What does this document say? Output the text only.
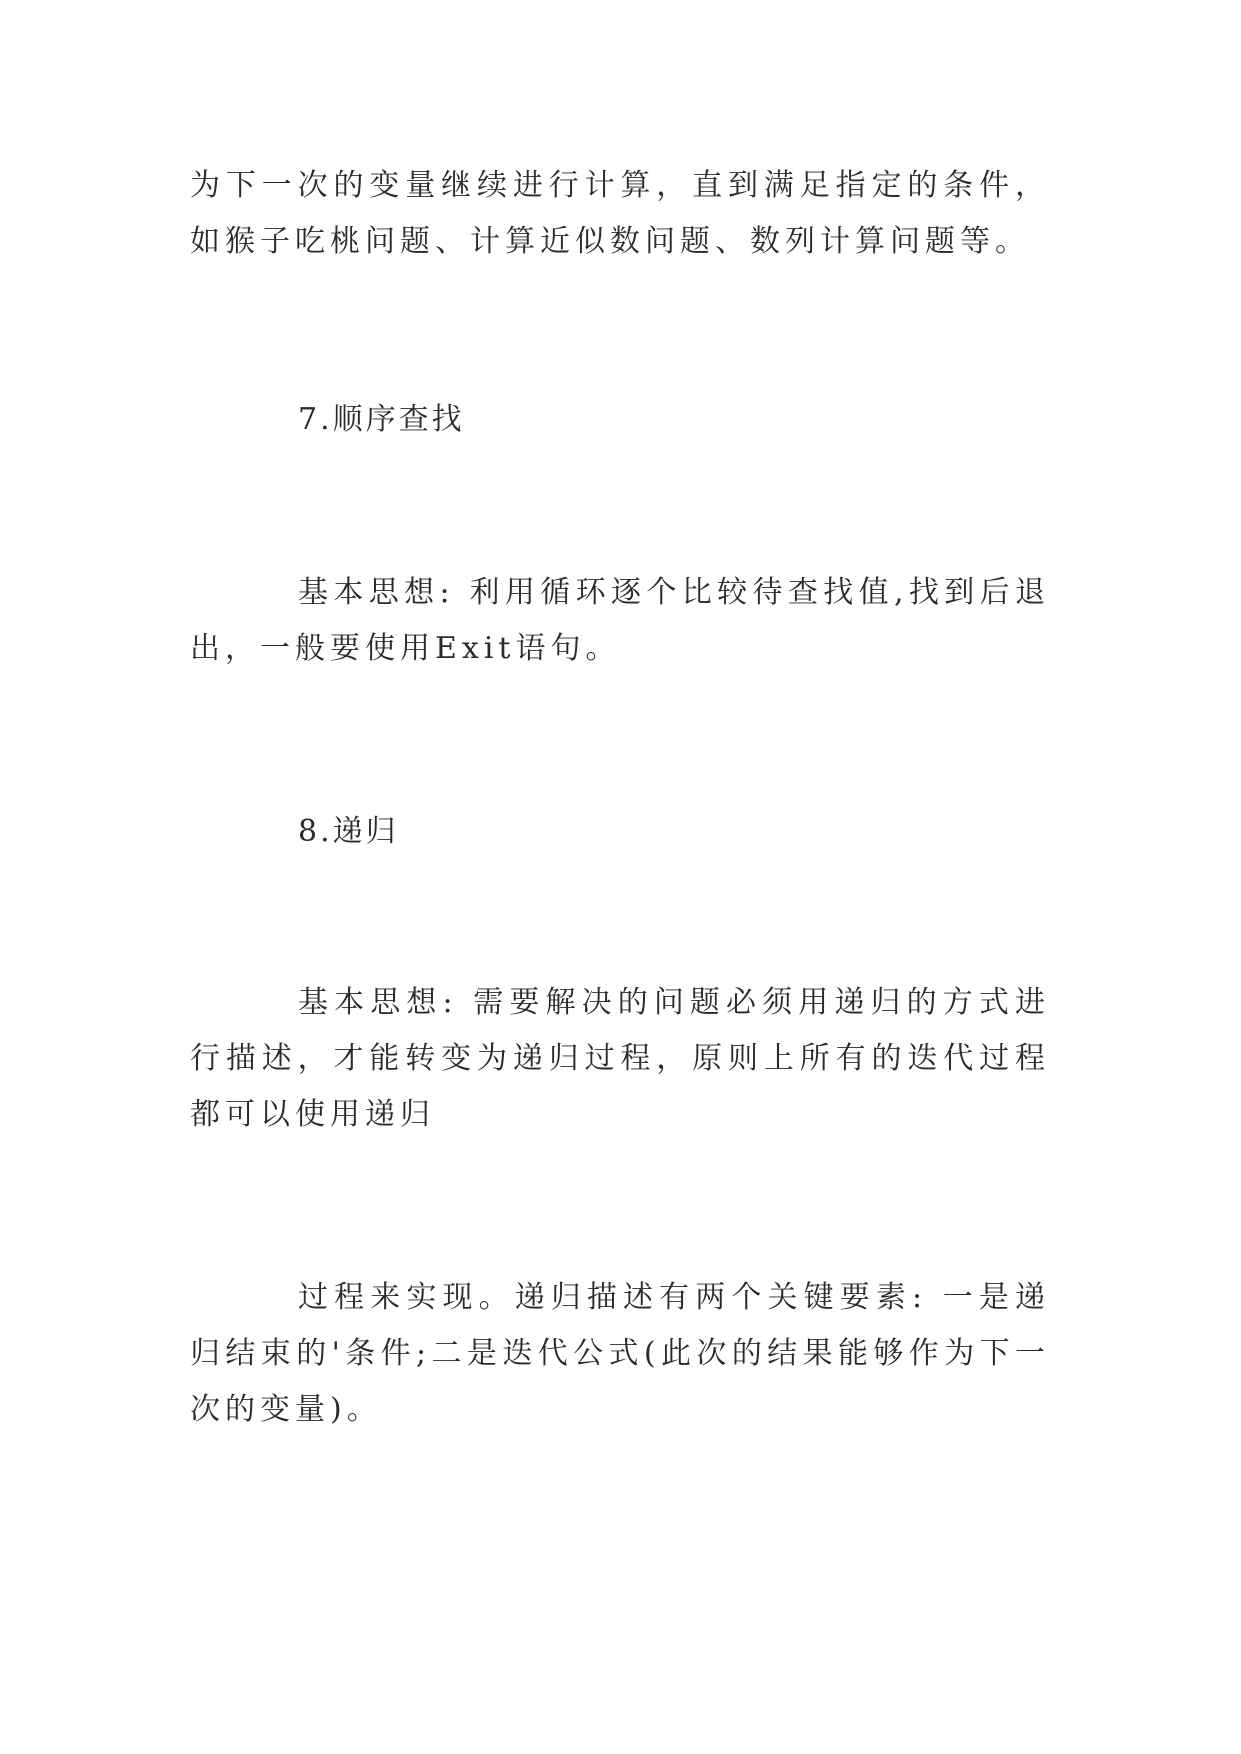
为下一次的变量继续进行计算，直到满足指定的条件，如猴子吃桃问题、计算近似数问题、数列计算问题等。

7.顺序查找

基本思想: 利用循环逐个比较待查找值,找到后退出，一般要使用Exit语句。

8.递归

基本思想: 需要解决的问题必须用递归的方式进行描述，才能转变为递归过程，原则上所有的迭代过程都可以使用递归

过程来实现。递归描述有两个关键要素: 一是递归结束的'条件;二是迭代公式(此次的结果能够作为下一次的变量)。
